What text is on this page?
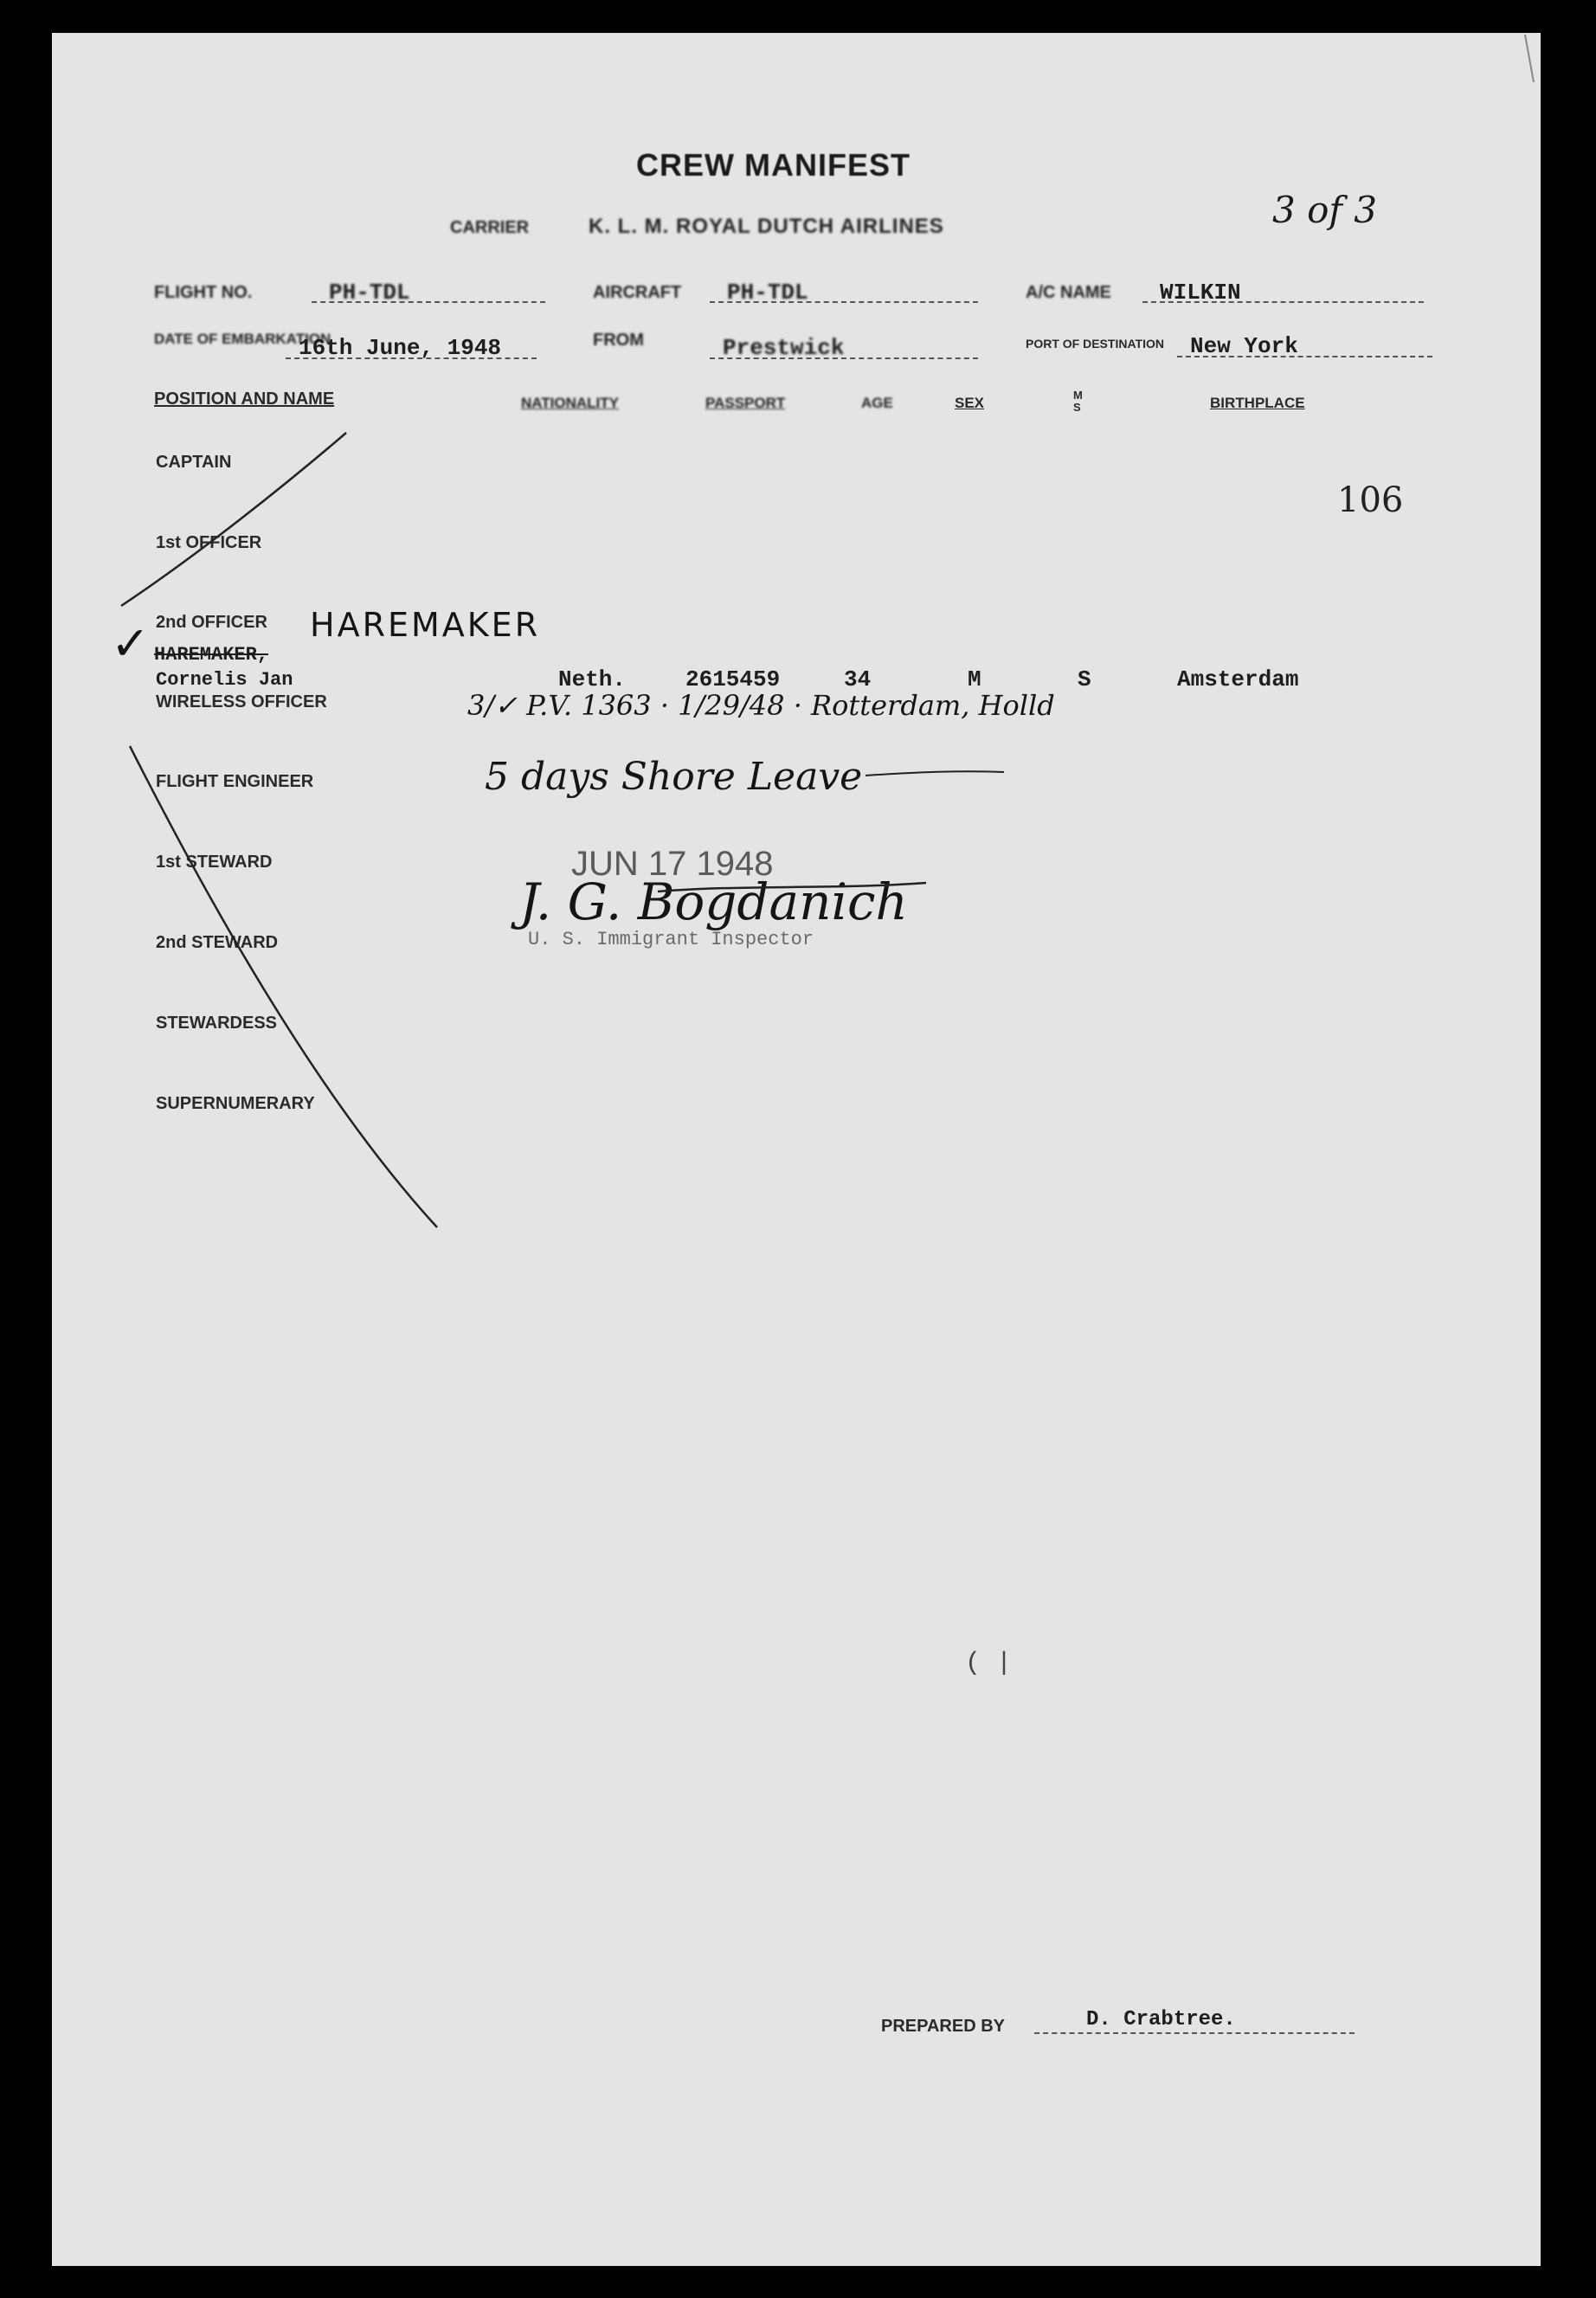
CREW MANIFEST
CARRIER	K. L. M. ROYAL DUTCH AIRLINES	3 of 3
FLIGHT NO.	PH-TDL	AIRCRAFT PH-TDL	A/C NAME WILKIN
DATE OF EMBARKATION
16th June, 1948	FROM	Prestwick	PORT OF DESTINATION New York
POSITION AND NAME	NATIONALITY	PASSPORT	AGE	SEX	M S	BIRTHPLACE
CAPTAIN
1st OFFICER
2nd OFFICER
WIRELESS OFFICER
FLIGHT ENGINEER
1st STEWARD
2nd STEWARD
STEWARDESS
SUPERNUMERARY
106
✓ HAREMAKER,
HAREMAKER
Cornelis Jan	Neth.	2615459	34	M	S	Amsterdam
3/✓ P.V. 1363 · 1/29/48 · Rotterdam, Holld
5 days Shore Leave
JUN 17 1948
J. G. Bogdanich
U. S. Immigrant Inspector
( |
PREPARED BY	D. Crabtree.
